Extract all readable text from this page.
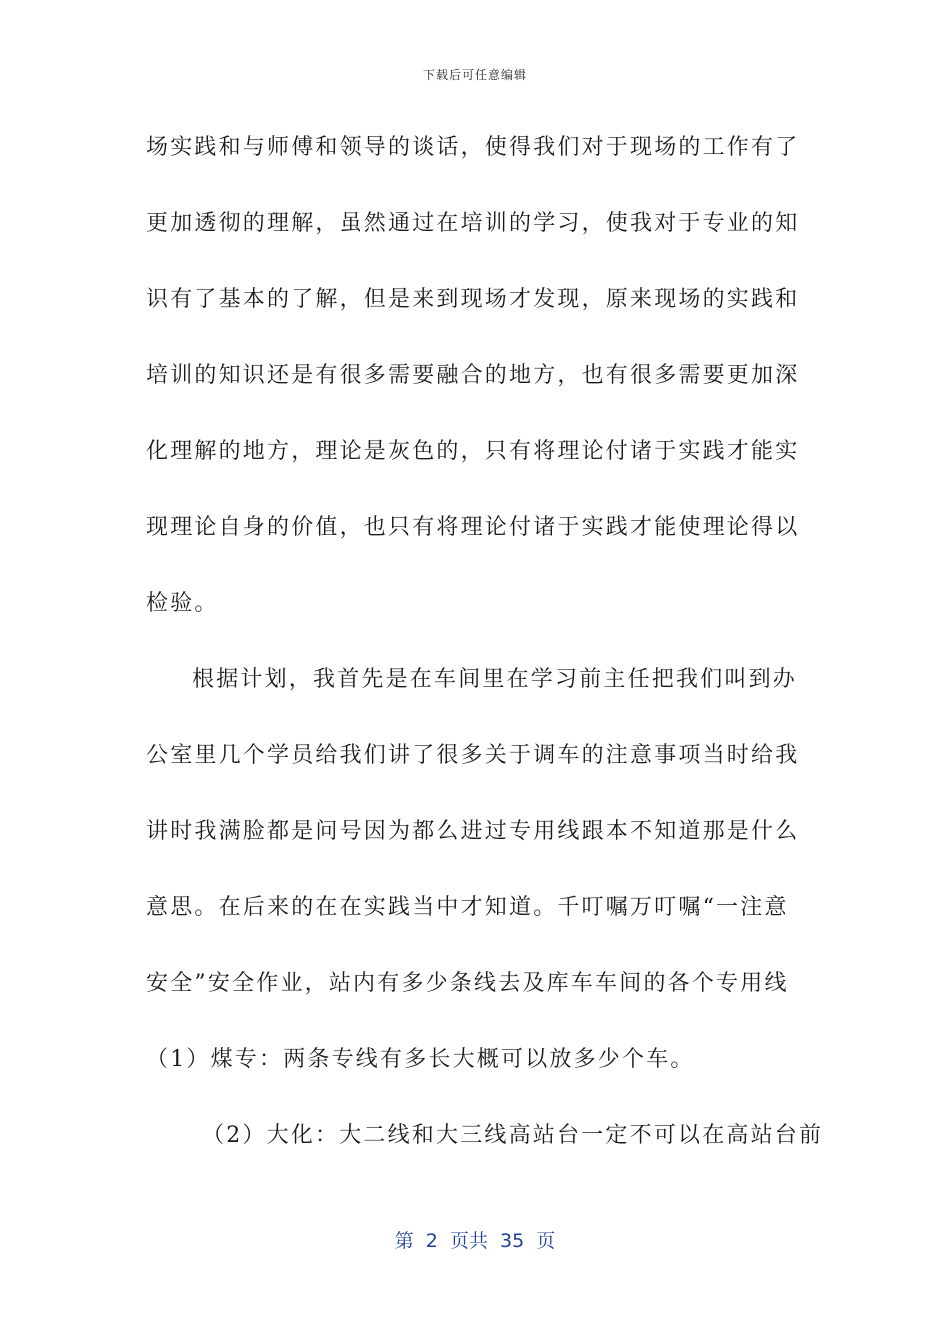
下载后可任意编辑
场实践和与师傅和领导的谈话，使得我们对于现场的工作有了
更加透彻的理解，虽然通过在培训的学习，使我对于专业的知
识有了基本的了解，但是来到现场才发现，原来现场的实践和
培训的知识还是有很多需要融合的地方，也有很多需要更加深
化理解的地方，理论是灰色的，只有将理论付诸于实践才能实
现理论自身的价值，也只有将理论付诸于实践才能使理论得以
检验。
根据计划，我首先是在车间里在学习前主任把我们叫到办
公室里几个学员给我们讲了很多关于调车的注意事项当时给我
讲时我满脸都是问号因为都么进过专用线跟本不知道那是什么
意思。在后来的在在实践当中才知道。千叮嘱万叮嘱“一注意
安全”安全作业，站内有多少条线去及库车车间的各个专用线
（1）煤专：两条专线有多长大概可以放多少个车。
（2）大化：大二线和大三线高站台一定不可以在高站台前
第  2  页共  35  页
